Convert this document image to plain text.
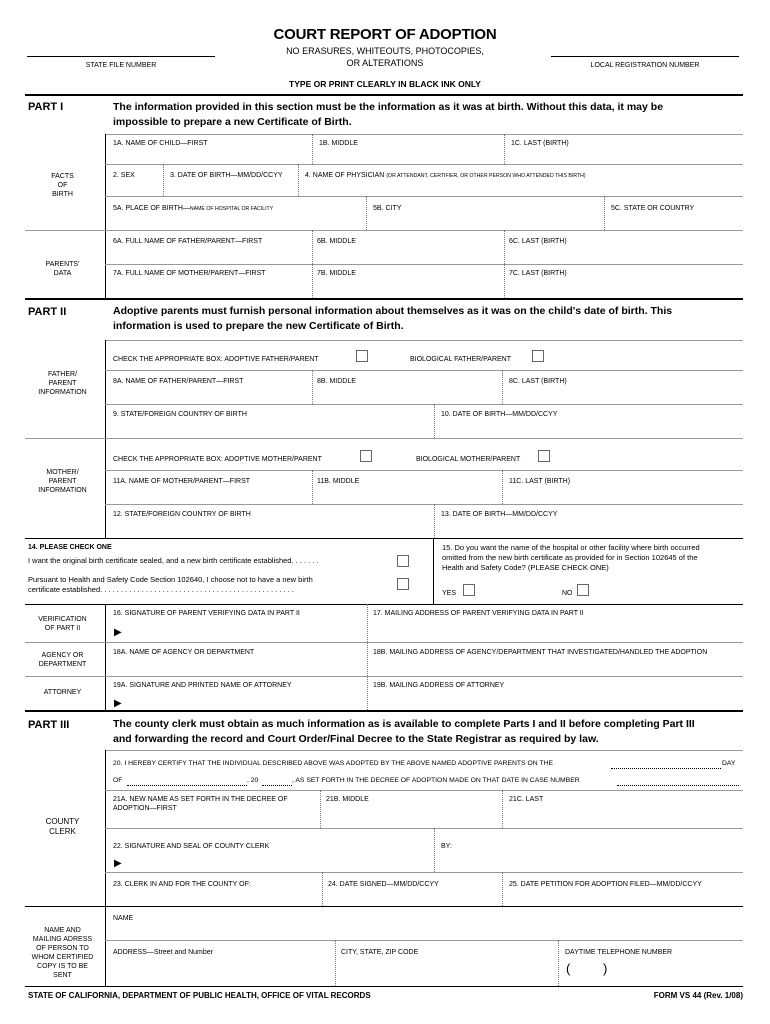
COURT REPORT OF ADOPTION
NO ERASURES, WHITEOUTS, PHOTOCOPIES,
OR ALTERATIONS
STATE FILE NUMBER	LOCAL REGISTRATION NUMBER
TYPE OR PRINT CLEARLY IN BLACK INK ONLY
PART I	The information provided in this section must be the information as it was at birth. Without this data, it may be
impossible to prepare a new Certificate of Birth.
1A. NAME OF CHILD—FIRST	1B. MIDDLE	1C. LAST (BIRTH)
FACTS
OF
BIRTH
2. SEX	3. DATE OF BIRTH—MM/DD/CCYY	4. NAME OF PHYSICIAN (OR ATTENDANT, CERTIFIER, OR OTHER PERSON WHO ATTENDED THIS BIRTH)
5A. PLACE OF BIRTH—NAME OF HOSPITAL OR FACILITY	5B. CITY	5C. STATE OR COUNTRY
6A. FULL NAME OF FATHER/PARENT—FIRST	6B. MIDDLE	6C. LAST (BIRTH)
PARENTS'
DATA	7A. FULL NAME OF MOTHER/PARENT—FIRST	7B. MIDDLE	7C. LAST (BIRTH)
PART II	Adoptive parents must furnish personal information about themselves as it was on the child's date of birth. This
information is used to prepare the new Certificate of Birth.
CHECK THE APPROPRIATE BOX: ADOPTIVE FATHER/PARENT	BIOLOGICAL FATHER/PARENT
FATHER/
PARENT
INFORMATION
8A. NAME OF FATHER/PARENT—FIRST	8B. MIDDLE	8C. LAST (BIRTH)
9. STATE/FOREIGN COUNTRY OF BIRTH	10. DATE OF BIRTH—MM/DD/CCYY
CHECK THE APPROPRIATE BOX: ADOPTIVE MOTHER/PARENT	BIOLOGICAL MOTHER/PARENT
MOTHER/
PARENT
INFORMATION
11A. NAME OF MOTHER/PARENT—FIRST	11B. MIDDLE	11C. LAST (BIRTH)
12. STATE/FOREIGN COUNTRY OF BIRTH	13. DATE OF BIRTH—MM/DD/CCYY
14. PLEASE CHECK ONE
I want the original birth certificate sealed, and a new birth certificate established. . . . . . .
Pursuant to Health and Safety Code Section 102640, I choose not to have a new birth
certificate established. . . . . . . . . . . . . . . . . . . . . . . . . . . . . . . . . . . . . . . . . . . . . . .
15. Do you want the name of the hospital or other facility where birth occurred
omitted from the new birth certificate as provided for in Section 102645 of the
Health and Safety Code? (PLEASE CHECK ONE)
YES	NO
VERIFICATION
OF PART II
16. SIGNATURE OF PARENT VERIFYING DATA IN PART II
▶
17. MAILING ADDRESS OF PARENT VERIFYING DATA IN PART II
AGENCY OR
DEPARTMENT
18A. NAME OF AGENCY OR DEPARTMENT	18B. MAILING ADDRESS OF AGENCY/DEPARTMENT THAT INVESTIGATED/HANDLED THE ADOPTION
ATTORNEY
19A. SIGNATURE AND PRINTED NAME OF ATTORNEY
▶
19B. MAILING ADDRESS OF ATTORNEY
PART III	The county clerk must obtain as much information as is available to complete Parts I and II before completing Part III
and forwarding the record and Court Order/Final Decree to the State Registrar as required by law.
20. I HEREBY CERTIFY THAT THE INDIVIDUAL DESCRIBED ABOVE WAS ADOPTED BY THE ABOVE NAMED ADOPTIVE PARENTS ON THE	DAY
OF	, 20	, AS SET FORTH IN THE DECREE OF ADOPTION MADE ON THAT DATE IN CASE NUMBER
COUNTY
CLERK
21A. NEW NAME AS SET FORTH IN THE DECREE OF
ADOPTION—FIRST
21B. MIDDLE	21C. LAST
22. SIGNATURE AND SEAL OF COUNTY CLERK
▶
BY:
23. CLERK IN AND FOR THE COUNTY OF:	24. DATE SIGNED—MM/DD/CCYY	25. DATE PETITION FOR ADOPTION FILED—MM/DD/CCYY
NAME AND
MAILING ADRESS
OF PERSON TO
WHOM CERTIFIED
COPY IS TO BE
SENT
NAME
ADDRESS—Street and Number	CITY, STATE, ZIP CODE	DAYTIME TELEPHONE NUMBER
(	)
STATE OF CALIFORNIA, DEPARTMENT OF PUBLIC HEALTH, OFFICE OF VITAL RECORDS	FORM VS 44 (Rev. 1/08)
